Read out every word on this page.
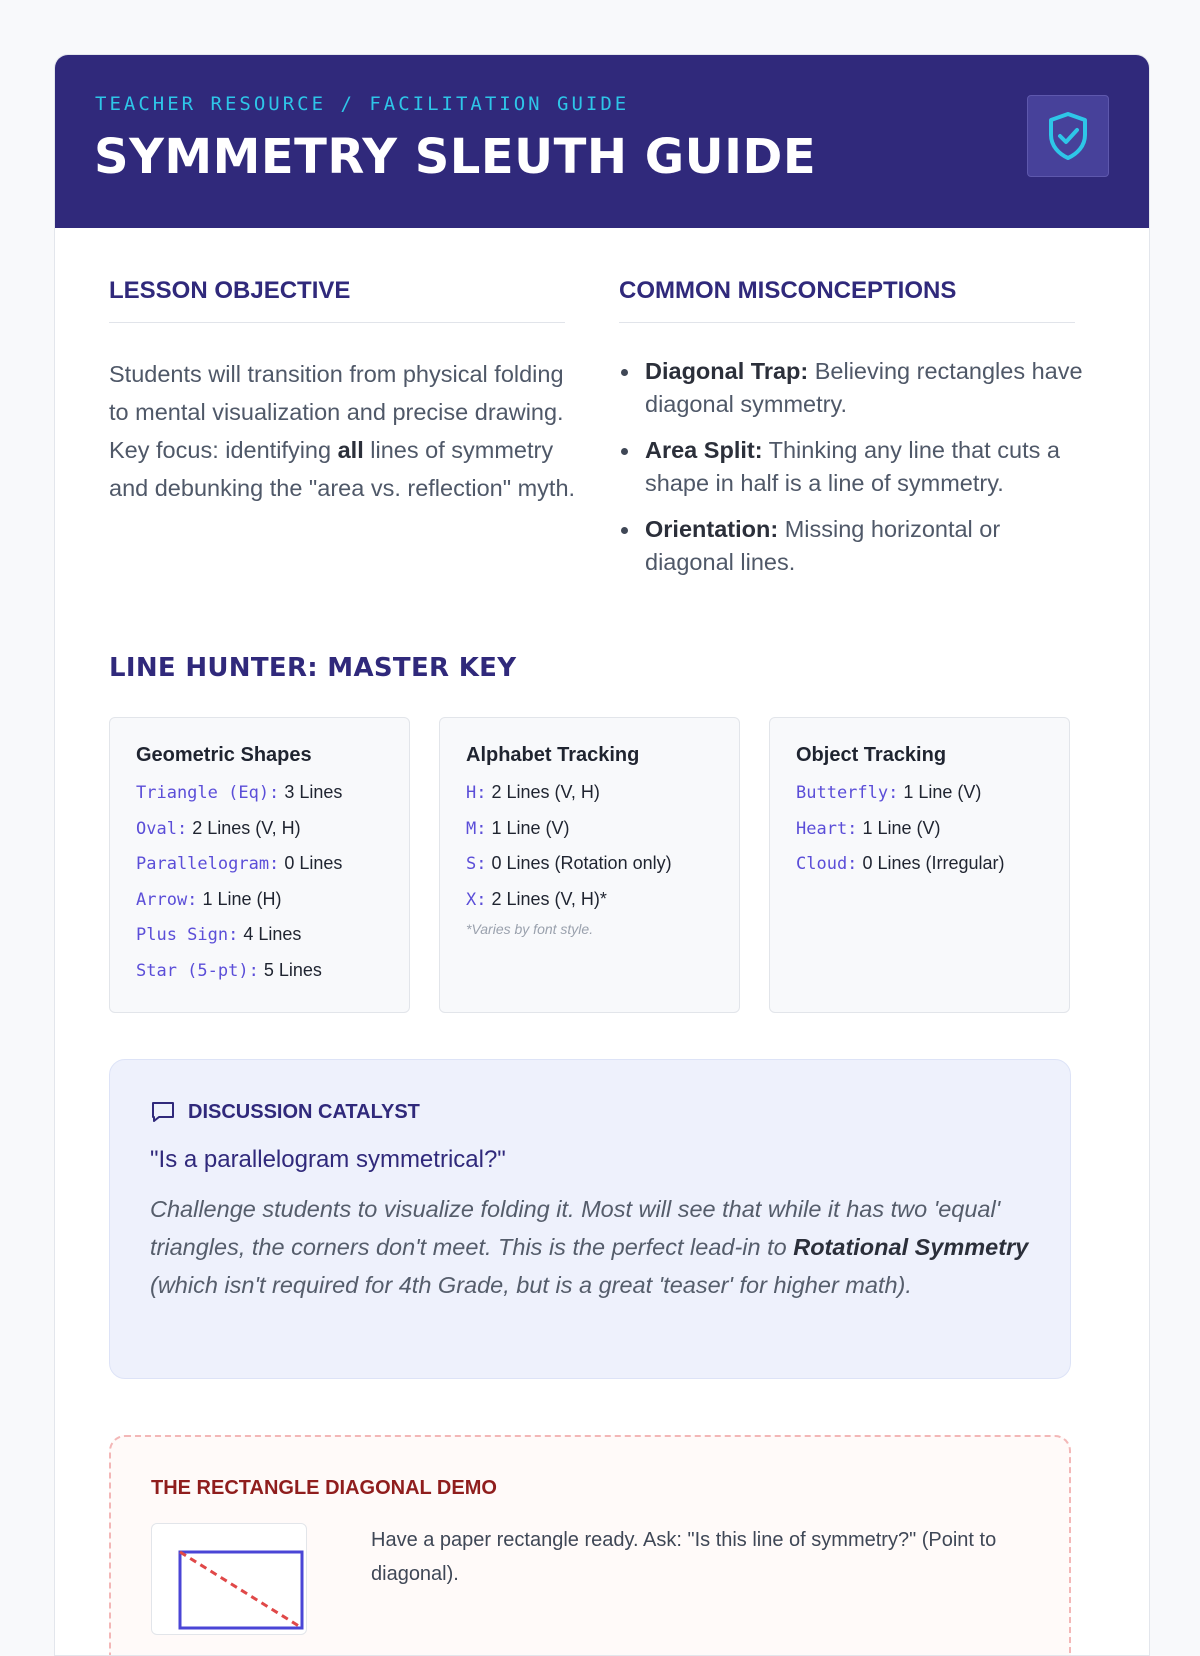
TEACHER RESOURCE / FACILITATION GUIDE
SYMMETRY SLEUTH GUIDE
LESSON OBJECTIVE
Students will transition from physical folding to mental visualization and precise drawing. Key focus: identifying all lines of symmetry and debunking the "area vs. reflection" myth.
COMMON MISCONCEPTIONS
Diagonal Trap: Believing rectangles have diagonal symmetry.
Area Split: Thinking any line that cuts a shape in half is a line of symmetry.
Orientation: Missing horizontal or diagonal lines.
LINE HUNTER: MASTER KEY
Geometric Shapes
Triangle (Eq): 3 Lines
Oval: 2 Lines (V, H)
Parallelogram: 0 Lines
Arrow: 1 Line (H)
Plus Sign: 4 Lines
Star (5-pt): 5 Lines
Alphabet Tracking
H: 2 Lines (V, H)
M: 1 Line (V)
S: 0 Lines (Rotation only)
X: 2 Lines (V, H)*
*Varies by font style.
Object Tracking
Butterfly: 1 Line (V)
Heart: 1 Line (V)
Cloud: 0 Lines (Irregular)
DISCUSSION CATALYST
"Is a parallelogram symmetrical?"
Challenge students to visualize folding it. Most will see that while it has two 'equal' triangles, the corners don't meet. This is the perfect lead-in to Rotational Symmetry (which isn't required for 4th Grade, but is a great 'teaser' for higher math).
THE RECTANGLE DIAGONAL DEMO
Have a paper rectangle ready. Ask: "Is this line of symmetry?" (Point to diagonal).
